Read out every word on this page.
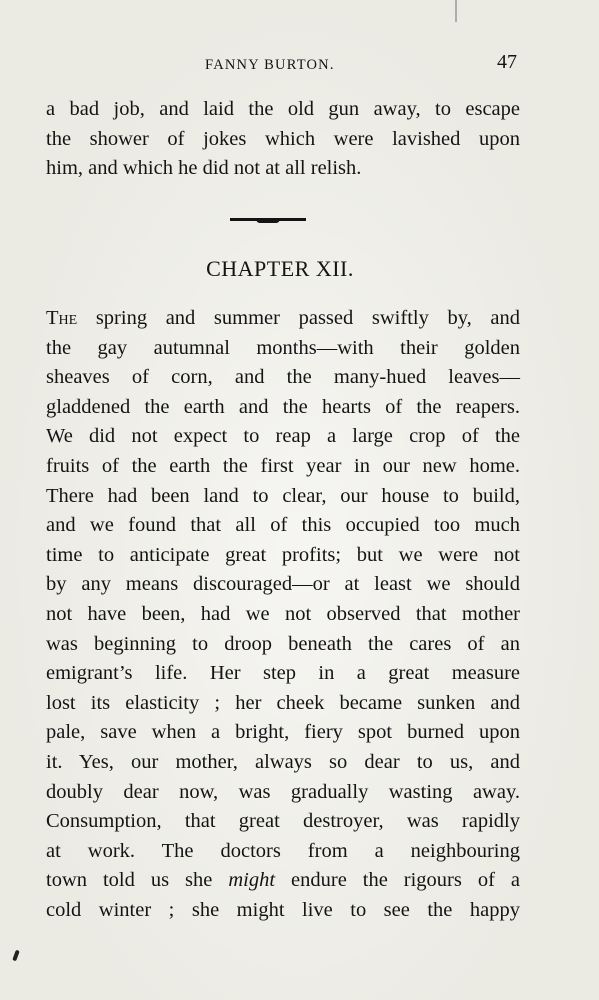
FANNY BURTON.	47
a bad job, and laid the old gun away, to escape
the shower of jokes which were lavished upon
him, and which he did not at all relish.
CHAPTER XII.
The spring and summer passed swiftly by, and
the gay autumnal months—with their golden
sheaves of corn, and the many-hued leaves—
gladdened the earth and the hearts of the reapers.
We did not expect to reap a large crop of the
fruits of the earth the first year in our new home.
There had been land to clear, our house to build,
and we found that all of this occupied too much
time to anticipate great profits; but we were not
by any means discouraged—or at least we should
not have been, had we not observed that mother
was beginning to droop beneath the cares of an
emigrant’s life. Her step in a great measure
lost its elasticity ; her cheek became sunken and
pale, save when a bright, fiery spot burned upon
it. Yes, our mother, always so dear to us, and
doubly dear now, was gradually wasting away.
Consumption, that great destroyer, was rapidly
at work. The doctors from a neighbouring
town told us she might endure the rigours of a
cold winter ; she might live to see the happy
